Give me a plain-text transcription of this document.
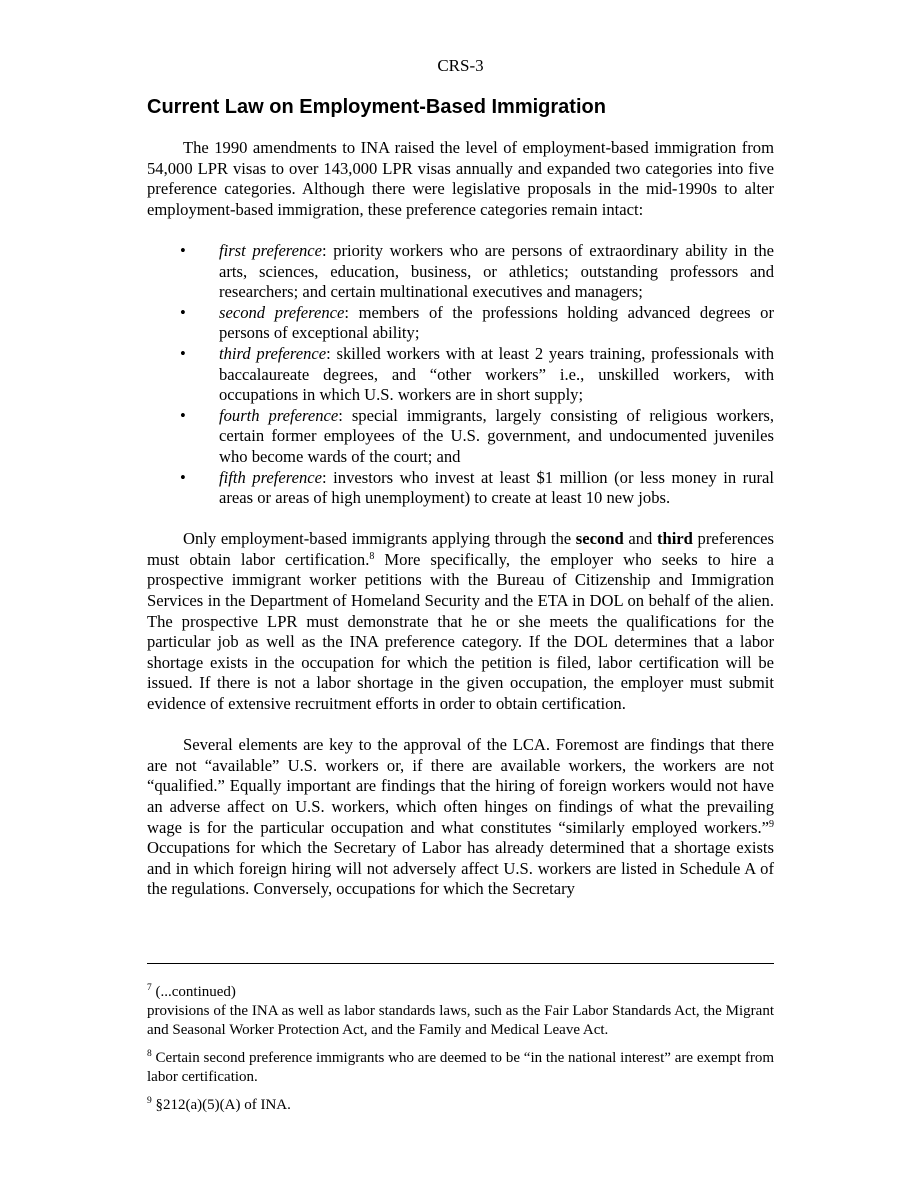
CRS-3
Current Law on Employment-Based Immigration

The 1990 amendments to INA raised the level of employment-based immigration from 54,000 LPR visas to over 143,000 LPR visas annually and expanded two categories into five preference categories. Although there were legislative proposals in the mid-1990s to alter employment-based immigration, these preference categories remain intact:

• first preference: priority workers who are persons of extraordinary ability in the arts, sciences, education, business, or athletics; outstanding professors and researchers; and certain multinational executives and managers;
• second preference: members of the professions holding advanced degrees or persons of exceptional ability;
• third preference: skilled workers with at least 2 years training, professionals with baccalaureate degrees, and “other workers” i.e., unskilled workers, with occupations in which U.S. workers are in short supply;
• fourth preference: special immigrants, largely consisting of religious workers, certain former employees of the U.S. government, and undocumented juveniles who become wards of the court; and
• fifth preference: investors who invest at least $1 million (or less money in rural areas or areas of high unemployment) to create at least 10 new jobs.

Only employment-based immigrants applying through the second and third preferences must obtain labor certification.$^8$ More specifically, the employer who seeks to hire a prospective immigrant worker petitions with the Bureau of Citizenship and Immigration Services in the Department of Homeland Security and the ETA in DOL on behalf of the alien. The prospective LPR must demonstrate that he or she meets the qualifications for the particular job as well as the INA preference category. If the DOL determines that a labor shortage exists in the occupation for which the petition is filed, labor certification will be issued. If there is not a labor shortage in the given occupation, the employer must submit evidence of extensive recruitment efforts in order to obtain certification.

Several elements are key to the approval of the LCA. Foremost are findings that there are not “available” U.S. workers or, if there are available workers, the workers are not “qualified.” Equally important are findings that the hiring of foreign workers would not have an adverse affect on U.S. workers, which often hinges on findings of what the prevailing wage is for the particular occupation and what constitutes “similarly employed workers.”$^9$ Occupations for which the Secretary of Labor has already determined that a shortage exists and in which foreign hiring will not adversely affect U.S. workers are listed in Schedule A of the regulations. Conversely, occupations for which the Secretary

$^7$ (...continued)
provisions of the INA as well as labor standards laws, such as the Fair Labor Standards Act, the Migrant and Seasonal Worker Protection Act, and the Family and Medical Leave Act.
$^8$ Certain second preference immigrants who are deemed to be “in the national interest” are exempt from labor certification.
$^9$ §212(a)(5)(A) of INA.
